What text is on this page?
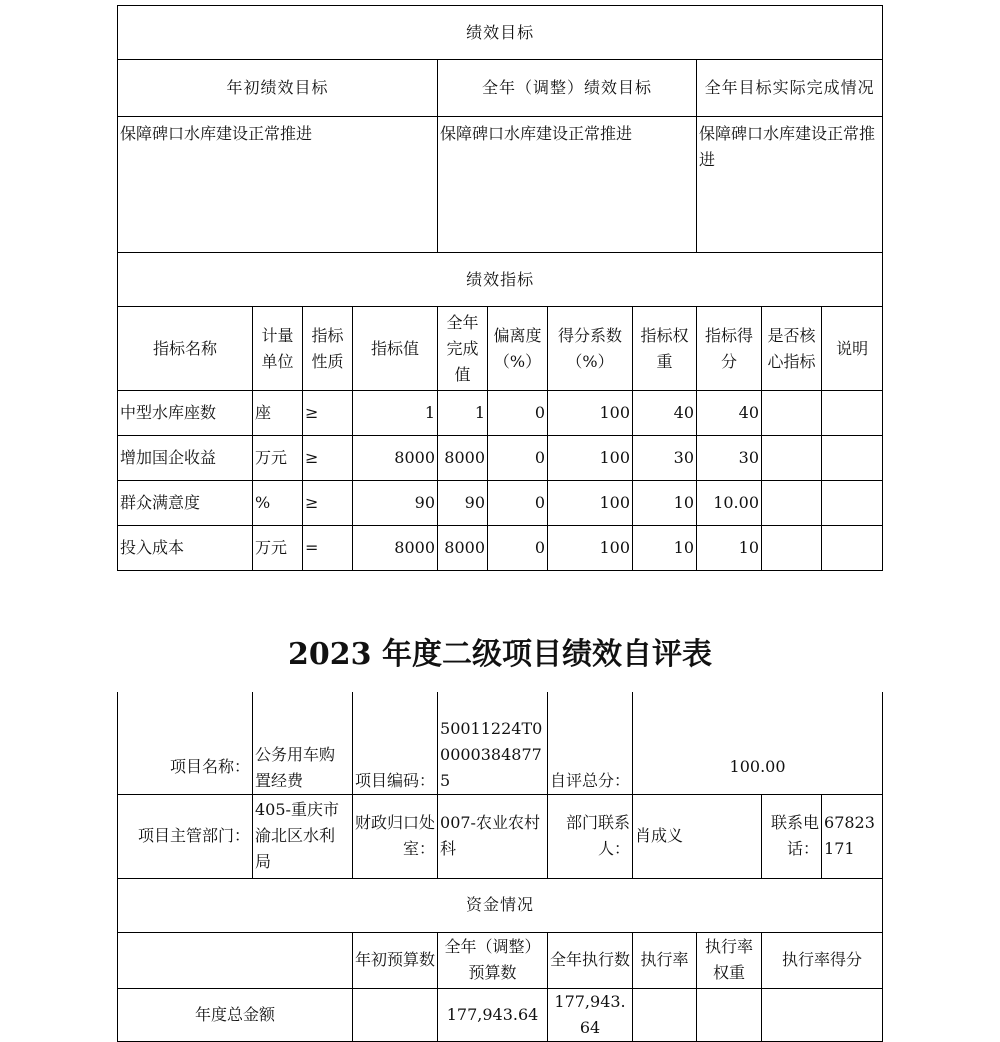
绩效目标										
年初绩效目标				全年（调整）绩效目标				全年目标实际完成情况		
保障碑口水库建设正常推进				保障碑口水库建设正常推进				保障碑口水库建设正常推进		
绩效指标										
指标名称	计量单位	指标性质	指标值	全年完成值	偏离度（%）	得分系数（%）	指标权重	指标得分	是否核心指标	说明
中型水库座数	座	≥	1	1	0	100	40	40		
增加国企收益	万元	≥	8000	8000	0	100	30	30		
群众满意度	%	≥	90	90	0	100	10	10.00		
投入成本	万元	=	8000	8000	0	100	10	10		
2023 年度二级项目绩效自评表
项目名称：	公务用车购置经费	项目编码：	50011224T000003848775	自评总分：	100.00			
项目主管部门：	405-重庆市渝北区水利局	财政归口处室：	007-农业农村科	部门联系人：	肖成义		联系电话：	67823171
资金情况								
		年初预算数	全年（调整）预算数	全年执行数	执行率	执行率权重	执行率得分	
年度总金额			177,943.64	177,943.64				
